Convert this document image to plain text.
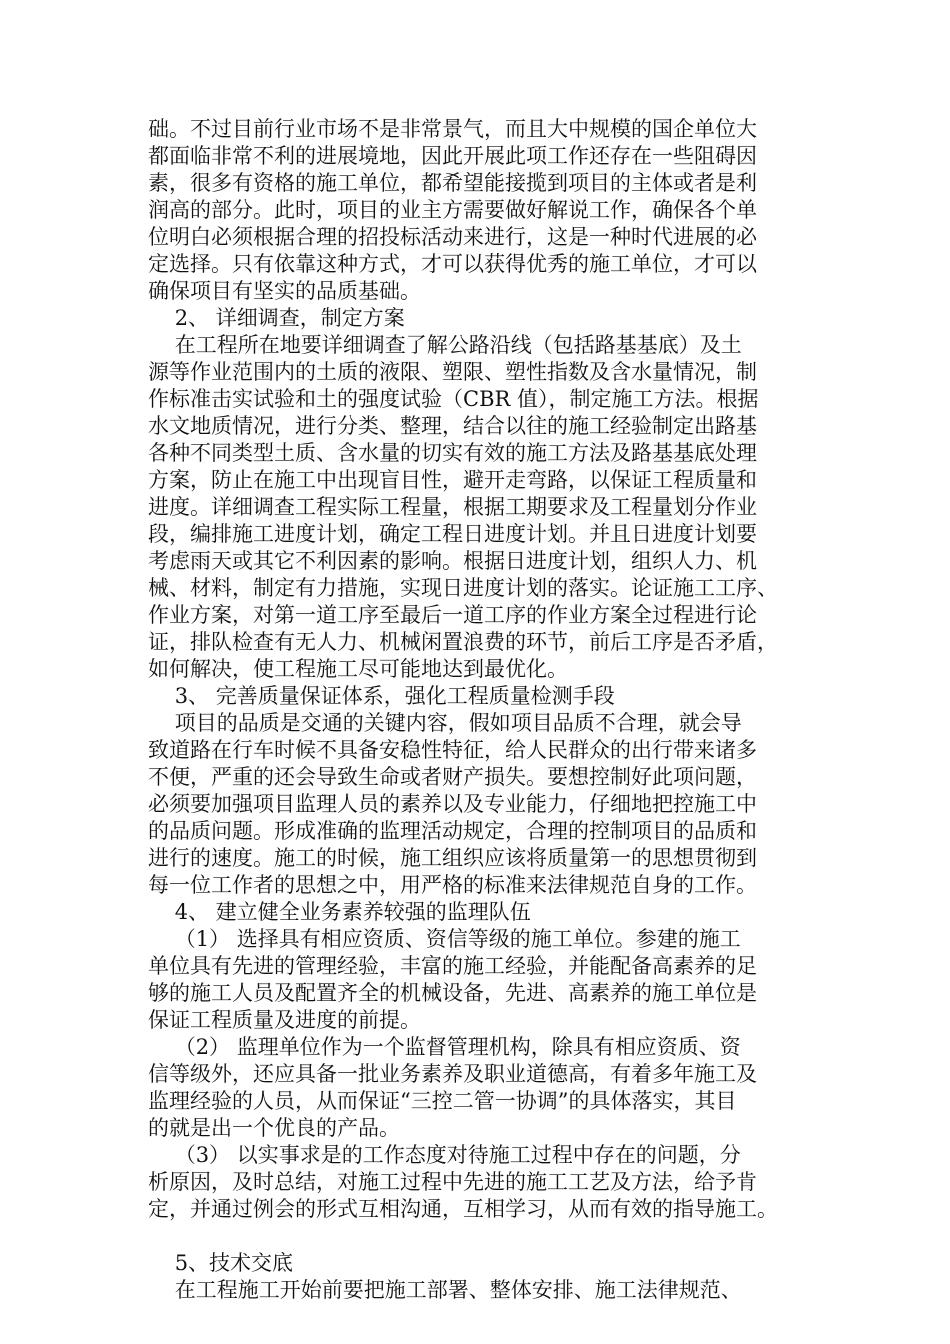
础。不过目前行业市场不是非常景气，而且大中规模的国企单位大
都面临非常不利的进展境地，因此开展此项工作还存在一些阻碍因
素，很多有资格的施工单位，都希望能接揽到项目的主体或者是利
润高的部分。此时，项目的业主方需要做好解说工作，确保各个单
位明白必须根据合理的招投标活动来进行，这是一种时代进展的必
定选择。只有依靠这种方式，才可以获得优秀的施工单位，才可以
确保项目有坚实的品质基础。
2、 详细调查，制定方案
在工程所在地要详细调查了解公路沿线（包括路基基底）及土
源等作业范围内的土质的液限、塑限、塑性指数及含水量情况，制
作标准击实试验和土的强度试验（CBR 值），制定施工方法。根据
水文地质情况，进行分类、整理，结合以往的施工经验制定出路基
各种不同类型土质、含水量的切实有效的施工方法及路基基底处理
方案，防止在施工中出现盲目性，避开走弯路，以保证工程质量和
进度。详细调查工程实际工程量，根据工期要求及工程量划分作业
段，编排施工进度计划，确定工程日进度计划。并且日进度计划要
考虑雨天或其它不利因素的影响。根据日进度计划，组织人力、机
械、材料，制定有力措施，实现日进度计划的落实。论证施工工序、
作业方案，对第一道工序至最后一道工序的作业方案全过程进行论
证，排队检查有无人力、机械闲置浪费的环节，前后工序是否矛盾，
如何解决，使工程施工尽可能地达到最优化。
3、 完善质量保证体系，强化工程质量检测手段
项目的品质是交通的关键内容，假如项目品质不合理，就会导
致道路在行车时候不具备安稳性特征，给人民群众的出行带来诸多
不便，严重的还会导致生命或者财产损失。要想控制好此项问题，
必须要加强项目监理人员的素养以及专业能力，仔细地把控施工中
的品质问题。形成准确的监理活动规定，合理的控制项目的品质和
进行的速度。施工的时候，施工组织应该将质量第一的思想贯彻到
每一位工作者的思想之中，用严格的标准来法律规范自身的工作。
4、 建立健全业务素养较强的监理队伍
（1） 选择具有相应资质、资信等级的施工单位。参建的施工
单位具有先进的管理经验，丰富的施工经验，并能配备高素养的足
够的施工人员及配置齐全的机械设备，先进、高素养的施工单位是
保证工程质量及进度的前提。
（2） 监理单位作为一个监督管理机构，除具有相应资质、资
信等级外，还应具备一批业务素养及职业道德高，有着多年施工及
监理经验的人员，从而保证“三控二管一协调”的具体落实，其目
的就是出一个优良的产品。
（3） 以实事求是的工作态度对待施工过程中存在的问题，分
析原因，及时总结，对施工过程中先进的施工工艺及方法，给予肯
定，并通过例会的形式互相沟通，互相学习，从而有效的指导施工。
5、技术交底
在工程施工开始前要把施工部署、整体安排、施工法律规范、
